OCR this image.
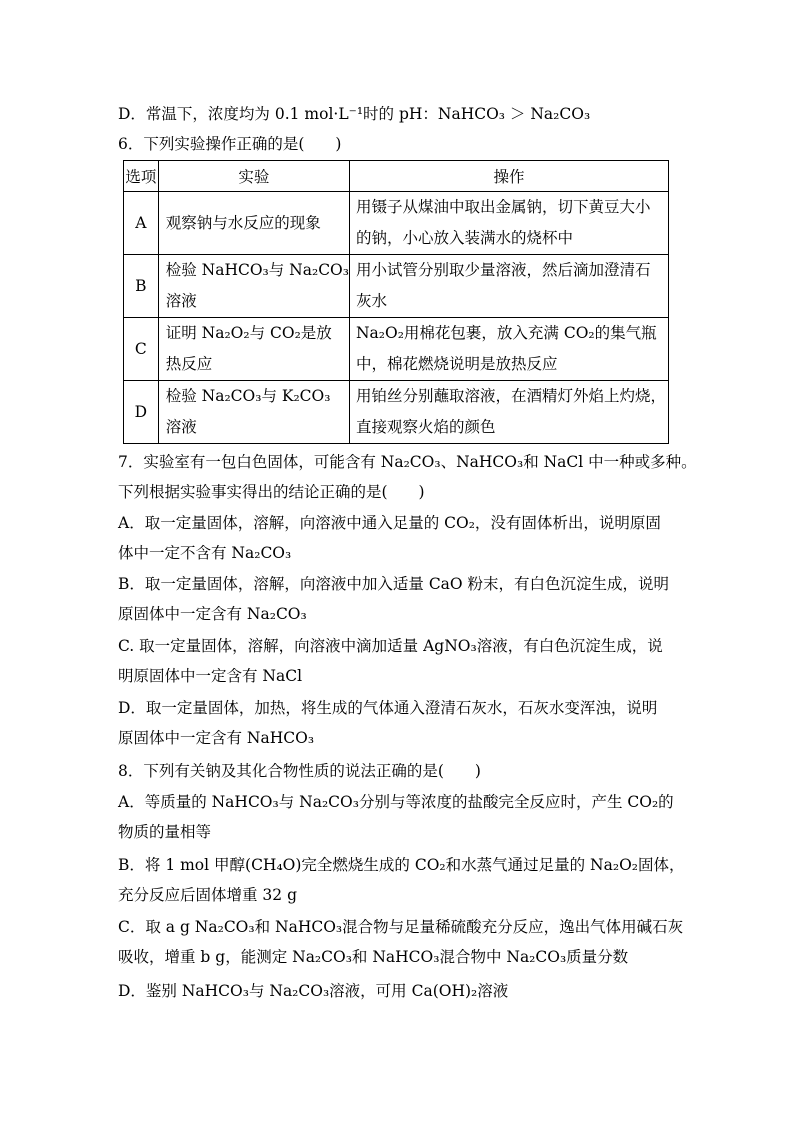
D．常温下，浓度均为 0.1 mol·L⁻¹时的 pH：NaHCO₃ ＞ Na₂CO₃
6．下列实验操作正确的是(　　)
选项	实验	操作
A	观察钠与水反应的现象	用镊子从煤油中取出金属钠，切下黄豆大小
的钠，小心放入装满水的烧杯中

B	检验 NaHCO₃与 Na₂CO₃
溶液	用小试管分别取少量溶液，然后滴加澄清石
灰水

C	证明 Na₂O₂与 CO₂是放
热反应	Na₂O₂用棉花包裹，放入充满 CO₂的集气瓶
中，棉花燃烧说明是放热反应

D	检验 Na₂CO₃与 K₂CO₃
溶液	用铂丝分别蘸取溶液，在酒精灯外焰上灼烧，
直接观察火焰的颜色
7．实验室有一包白色固体，可能含有 Na₂CO₃、NaHCO₃和 NaCl 中一种或多种。
下列根据实验事实得出的结论正确的是(　　)
A．取一定量固体，溶解，向溶液中通入足量的 CO₂，没有固体析出，说明原固
体中一定不含有 Na₂CO₃
B．取一定量固体，溶解，向溶液中加入适量 CaO 粉末，有白色沉淀生成，说明
原固体中一定含有 Na₂CO₃
C. 取一定量固体，溶解，向溶液中滴加适量 AgNO₃溶液，有白色沉淀生成，说
明原固体中一定含有 NaCl
D．取一定量固体，加热，将生成的气体通入澄清石灰水，石灰水变浑浊，说明
原固体中一定含有 NaHCO₃
8．下列有关钠及其化合物性质的说法正确的是(　　)
A．等质量的 NaHCO₃与 Na₂CO₃分别与等浓度的盐酸完全反应时，产生 CO₂的
物质的量相等
B．将 1 mol 甲醇(CH₄O)完全燃烧生成的 CO₂和水蒸气通过足量的 Na₂O₂固体，
充分反应后固体增重 32 g
C．取 a g Na₂CO₃和 NaHCO₃混合物与足量稀硫酸充分反应，逸出气体用碱石灰
吸收，增重 b g，能测定 Na₂CO₃和 NaHCO₃混合物中 Na₂CO₃质量分数
D．鉴别 NaHCO₃与 Na₂CO₃溶液，可用 Ca(OH)₂溶液
